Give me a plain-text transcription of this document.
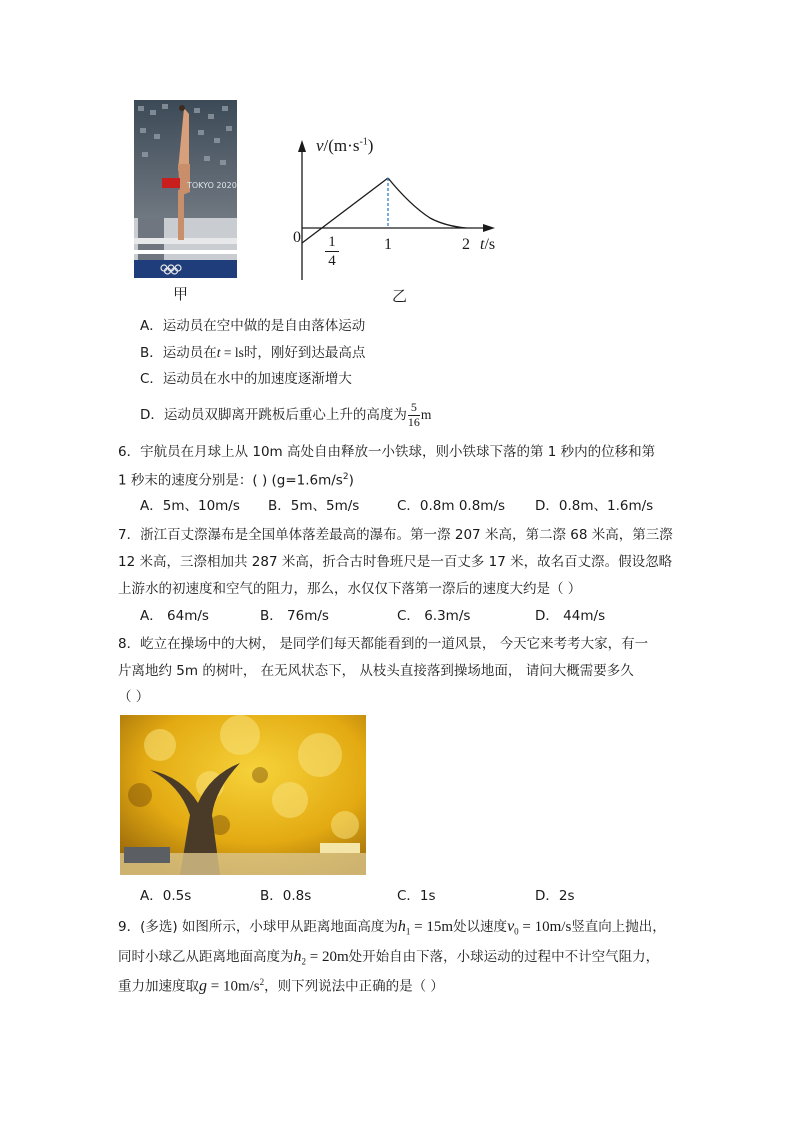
TOKYO 2020
甲
$v/(m\cdot s^{-1})$
0 1
4
1	2 t/s
乙
A．运动员在空中做的是自由落体运动
B．运动员在t = ls时，刚好到达最高点
C．运动员在水中的加速度逐渐增大
D．运动员双脚离开跳板后重心上升的高度为 $\frac{5}{16}$ m
6．宇航员在月球上从 10m 高处自由释放一小铁球，则小铁球下落的第 1 秒内的位移和第
1 秒末的速度分别是：( ) $(g=1.6m/s^2)$
A．5m、10m/s B．5m、5m/s	C．0.8m 0.8m/s D．0.8m、1.6m/s
7．浙江百丈漈瀑布是全国单体落差最高的瀑布。第一漈 207 米高，第二漈 68 米高，第三漈
12 米高，三漈相加共 287 米高，折合古时鲁班尺是一百丈多 17 米，故名百丈漈。假设忽略
上游水的初速度和空气的阻力，那么，水仅仅下落第一漈后的速度大约是（ ）
A． 64m/s	B． 76m/s	C． 6.3m/s	D． 44m/s
8．屹立在操场中的大树， 是同学们每天都能看到的一道风景， 今天它来考考大家，有一
片离地约 5m 的树叶， 在无风状态下， 从枝头直接落到操场地面， 请问大概需要多久
（ ）
A．0.5s	B．0.8s	C．1s	D．2s
9．(多选) 如图所示，小球甲从距离地面高度为$h_1 = 15m$处以速度$v_0 = 10m/s$竖直向上抛出，
同时小球乙从距离地面高度为$h_2 = 20m$处开始自由下落，小球运动的过程中不计空气阻力，
重力加速度取$g = 10m/s^2$，则下列说法中正确的是（ ）
